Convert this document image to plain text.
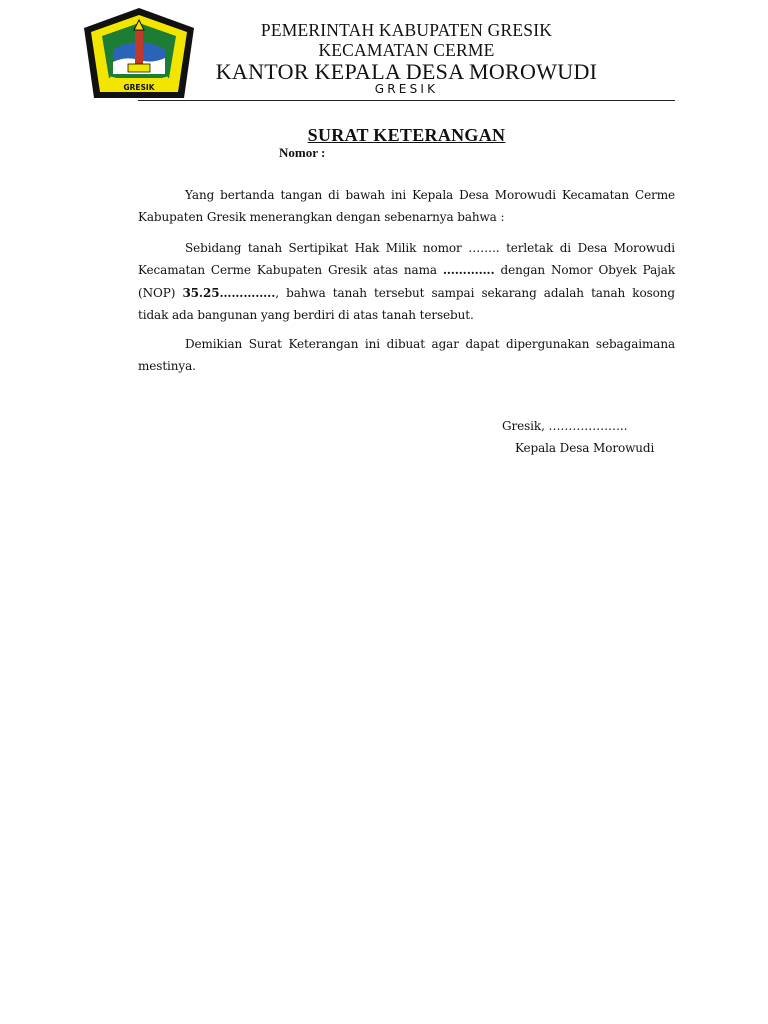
GRESIK
PEMERINTAH KABUPATEN GRESIK
KECAMATAN CERME
KANTOR KEPALA DESA MOROWUDI
GRESIK
SURAT KETERANGAN
Nomor :

Yang bertanda tangan di bawah ini Kepala Desa Morowudi Kecamatan Cerme Kabupaten Gresik menerangkan dengan sebenarnya bahwa :

Sebidang tanah Sertipikat Hak Milik nomor …….. terletak di Desa Morowudi Kecamatan Cerme Kabupaten Gresik atas nama …………. dengan Nomor Obyek Pajak (NOP) 35.25………….., bahwa tanah tersebut sampai sekarang adalah tanah kosong tidak ada bangunan yang berdiri di atas tanah tersebut.

Demikian Surat Keterangan ini dibuat agar dapat dipergunakan sebagaimana mestinya.

Gresik, ………………..
Kepala Desa Morowudi
